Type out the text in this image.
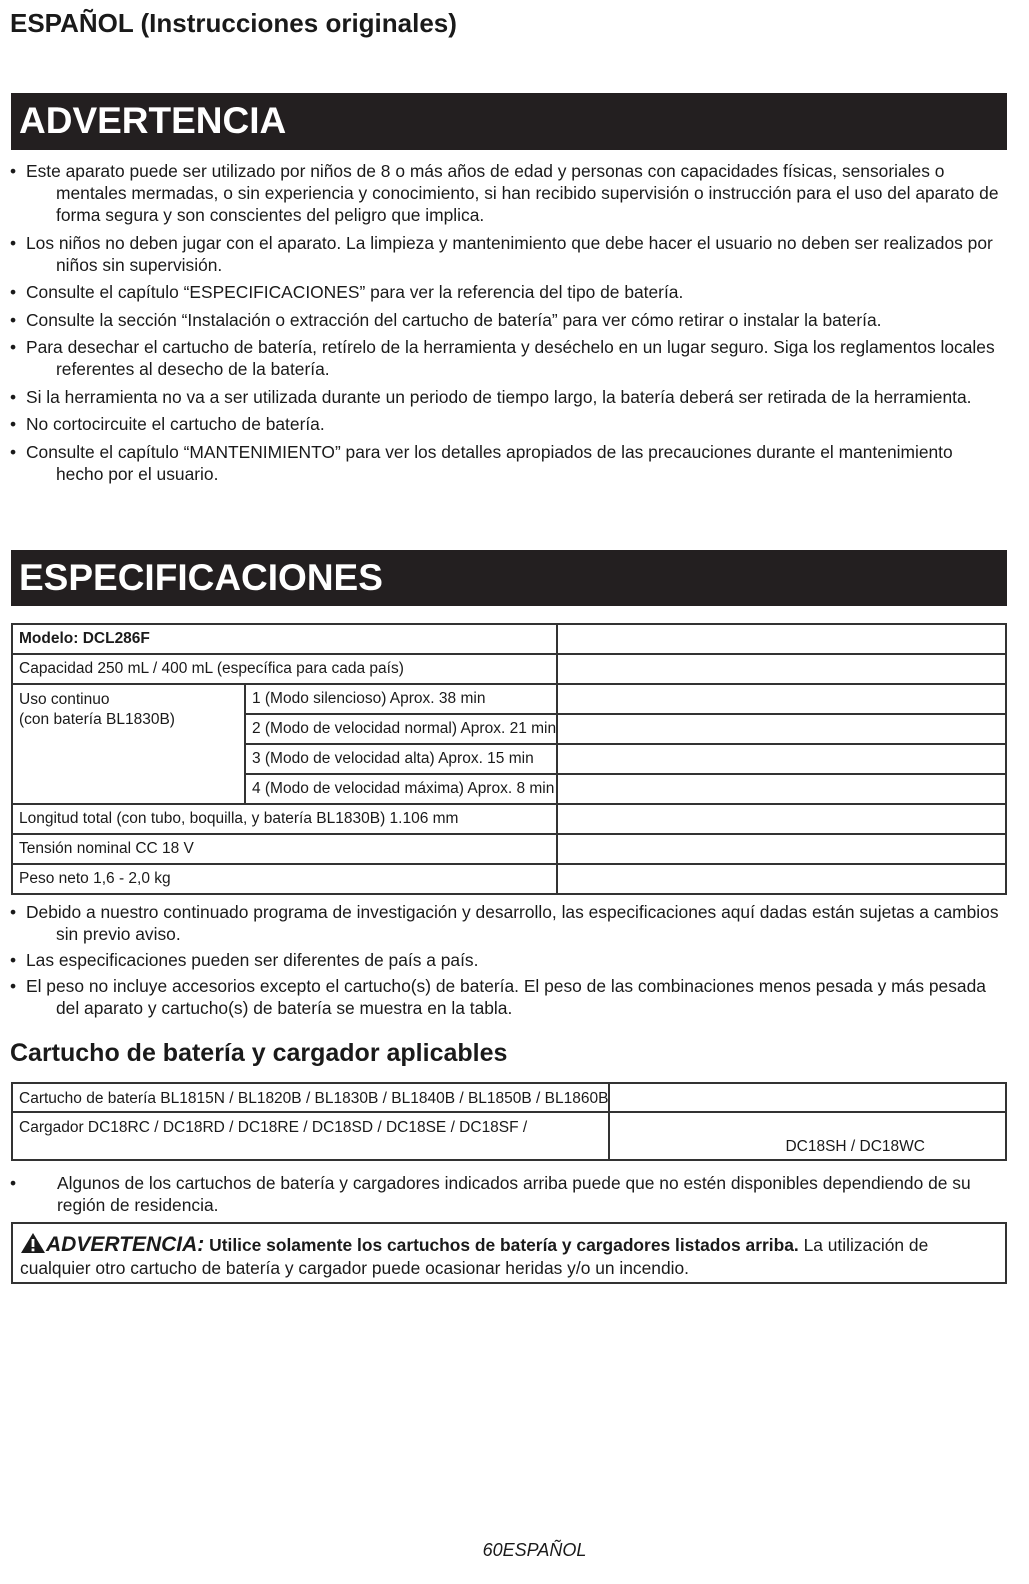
ESPAÑOL (Instrucciones originales)
ADVERTENCIA
• Este aparato puede ser utilizado por niños de 8 o más años de edad y personas con capacidades físicas, sensoriales o mentales mermadas, o sin experiencia y conocimiento, si han recibido supervisión o instrucción para el uso del aparato de forma segura y son conscientes del peligro que implica.
• Los niños no deben jugar con el aparato. La limpieza y mantenimiento que debe hacer el usuario no deben ser realizados por niños sin supervisión.
• Consulte el capítulo “ESPECIFICACIONES” para ver la referencia del tipo de batería.
• Consulte la sección “Instalación o extracción del cartucho de batería” para ver cómo retirar o instalar la batería.
• Para desechar el cartucho de batería, retírelo de la herramienta y deséchelo en un lugar seguro. Siga los reglamentos locales referentes al desecho de la batería.
• Si la herramienta no va a ser utilizada durante un periodo de tiempo largo, la batería deberá ser retirada de la herramienta.
• No cortocircuite el cartucho de batería.
• Consulte el capítulo “MANTENIMIENTO” para ver los detalles apropiados de las precauciones durante el mantenimiento hecho por el usuario.
ESPECIFICACIONES
Modelo: DCL286F		
Capacidad 250 mL / 400 mL (específica para cada país)		

Uso continuo
(con batería BL1830B)	1 (Modo silencioso) Aprox. 38 min	
	2 (Modo de velocidad normal) Aprox. 21 min	
	3 (Modo de velocidad alta) Aprox. 15 min	
	4 (Modo de velocidad máxima) Aprox. 8 min	
Longitud total (con tubo, boquilla, y batería BL1830B) 1.106 mm		
Tensión nominal CC 18 V		
Peso neto 1,6 - 2,0 kg		
• Debido a nuestro continuado programa de investigación y desarrollo, las especificaciones aquí dadas están sujetas a cambios sin previo aviso.
• Las especificaciones pueden ser diferentes de país a país.
• El peso no incluye accesorios excepto el cartucho(s) de batería. El peso de las combinaciones menos pesada y más pesada del aparato y cartucho(s) de batería se muestra en la tabla.
Cartucho de batería y cargador aplicables
Cartucho de batería BL1815N / BL1820B / BL1830B / BL1840B / BL1850B / BL1860B	
Cargador DC18RC / DC18RD / DC18RE / DC18SD / DC18SE / DC18SF /	DC18SH / DC18WC
• Algunos de los cartuchos de batería y cargadores indicados arriba puede que no estén disponibles dependiendo de su región de residencia.
ADVERTENCIA: Utilice solamente los cartuchos de batería y cargadores listados arriba. La utilización de cualquier otro cartucho de batería y cargador puede ocasionar heridas y/o un incendio.
60ESPAÑOL
